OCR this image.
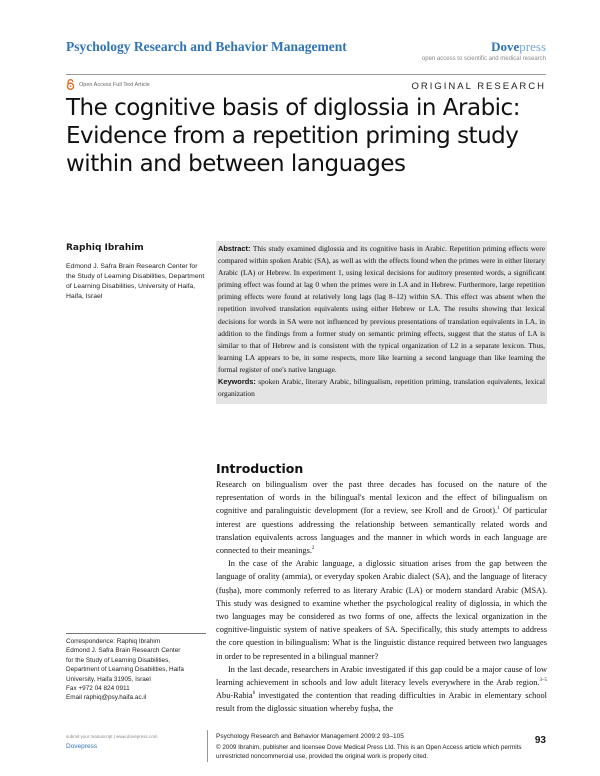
Psychology Research and Behavior Management	Dovepress
open access to scientific and medical research
Open Access Full Text Article	ORIGINAL RESEARCH
The cognitive basis of diglossia in Arabic: Evidence from a repetition priming study within and between languages
Raphiq Ibrahim
Edmond J. Safra Brain Research Center for the Study of Learning Disabilities, Department of Learning Disabilities, University of Haifa, Haifa, Israel

Abstract: This study examined diglossia and its cognitive basis in Arabic. Repetition priming effects were compared within spoken Arabic (SA), as well as with the effects found when the primes were in either literary Arabic (LA) or Hebrew. In experiment 1, using lexical decisions for auditory presented words, a significant priming effect was found at lag 0 when the primes were in LA and in Hebrew. Furthermore, large repetition priming effects were found at relatively long lags (lag 8–12) within SA. This effect was absent when the repetition involved translation equivalents using either Hebrew or LA. The results showing that lexical decisions for words in SA were not influenced by previous presentations of translation equivalents in LA, in addition to the findings from a former study on semantic priming effects, suggest that the status of LA is similar to that of Hebrew and is consistent with the typical organization of L2 in a separate lexicon. Thus, learning LA appears to be, in some respects, more like learning a second language than like learning the formal register of one's native language.

Keywords: spoken Arabic, literary Arabic, bilingualism, repetition priming, translation equivalents, lexical organization

Introduction

Research on bilingualism over the past three decades has focused on the nature of the representation of words in the bilingual's mental lexicon and the effect of bilingualism on cognitive and paralinguistic development (for a review, see Kroll and de Groot).$^1$ Of particular interest are questions addressing the relationship between semantically related words and translation equivalents across languages and the manner in which words in each language are connected to their meanings.$^2$

In the case of the Arabic language, a diglossic situation arises from the gap between the language of orality (ammia), or everyday spoken Arabic dialect (SA), and the language of literacy (fuṣḥa), more commonly referred to as literary Arabic (LA) or modern standard Arabic (MSA). This study was designed to examine whether the psychological reality of diglossia, in which the two languages may be considered as two forms of one, affects the lexical organization in the cognitive-linguistic system of native speakers of SA. Specifically, this study attempts to address the core question in bilingualism: What is the linguistic distance required between two languages in order to be represented in a bilingual manner?

In the last decade, researchers in Arabic investigated if this gap could be a major cause of low learning achievement in schools and low adult literacy levels everywhere in the Arab region.$^{3-5}$ Abu-Rabia$^6$ investigated the contention that reading difficulties in Arabic in elementary school result from the diglossic situation whereby fuṣḥa, the

Correspondence: Raphiq Ibrahim
Edmond J. Safra Brain Research Center
for the Study of Learning Disabilities,
Department of Learning Disabilities, Haifa
University, Haifa 31905, Israel
Fax +972 04 824 0911
Email raphiq@psy.haifa.ac.il
submit your manuscript | www.dovepress.com
Dovepress
Psychology Research and Behavior Management 2009:2 93–105
© 2009 Ibrahim, publisher and licensee Dove Medical Press Ltd. This is an Open Access article which permits unrestricted noncommercial use, provided the original work is properly cited.
93
